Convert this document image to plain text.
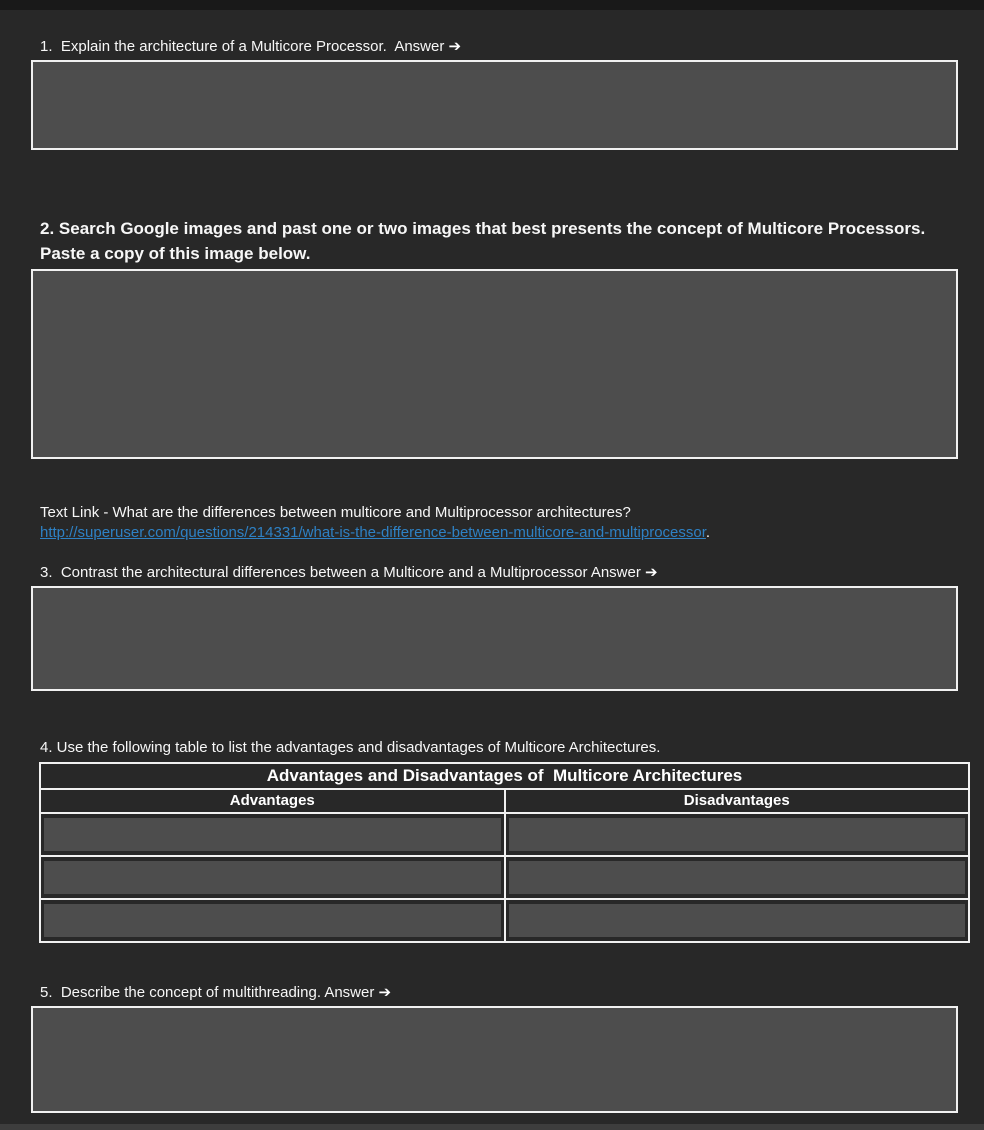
1.  Explain the architecture of a Multicore Processor.  Answer ➔
2. Search Google images and past one or two images that best presents the concept of Multicore Processors. Paste a copy of this image below.
Text Link - What are the differences between multicore and Multiprocessor architectures?
http://superuser.com/questions/214331/what-is-the-difference-between-multicore-and-multiprocessor.
3.  Contrast the architectural differences between a Multicore and a Multiprocessor Answer ➔
4. Use the following table to list the advantages and disadvantages of Multicore Architectures.
Advantages and Disadvantages of  Multicore Architectures
Advantages	Disadvantages
5.  Describe the concept of multithreading. Answer ➔
